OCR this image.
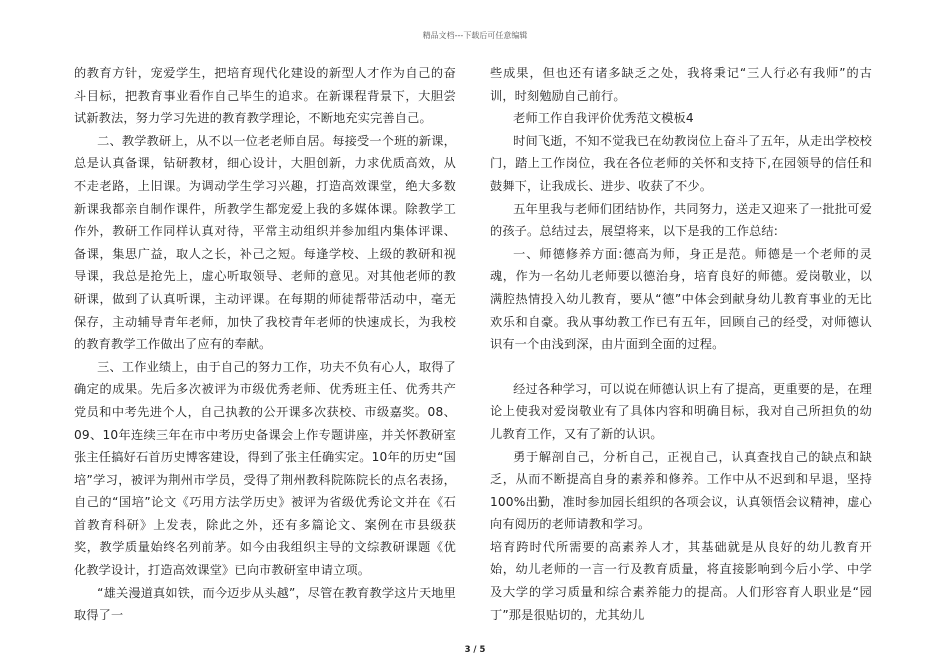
精品文档---下载后可任意编辑

的教育方针，宠爱学生，把培育现代化建设的新型人才作为自己的奋斗目标，把教育事业看作自己毕生的追求。在新课程背景下，大胆尝试新教法，努力学习先进的教育教学理论，不断地充实完善自己。

二、教学教研上，从不以一位老老师自居。每接受一个班的新课，总是认真备课，钻研教材，细心设计，大胆创新，力求优质高效，从不走老路，上旧课。为调动学生学习兴趣，打造高效课堂，绝大多数新课我都亲自制作课件，所教学生都宠爱上我的多媒体课。除教学工作外，教研工作同样认真对待，平常主动组织并参加组内集体评课、备课，集思广益，取人之长，补己之短。每逢学校、上级的教研和视导课，我总是抢先上，虚心听取领导、老师的意见。对其他老师的教研课，做到了认真听课，主动评课。在每期的师徒帮带活动中，毫无保存，主动辅导青年老师，加快了我校青年老师的快速成长，为我校的教育教学工作做出了应有的奉献。

三、工作业绩上，由于自己的努力工作，功夫不负有心人，取得了确定的成果。先后多次被评为市级优秀老师、优秀班主任、优秀共产党员和中考先进个人，自己执教的公开课多次获校、市级嘉奖。08、09、10年连续三年在市中考历史备课会上作专题讲座，并关怀教研室张主任搞好石首历史博客建设，得到了张主任确实定。10年的历史“国培”学习，被评为荆州市学员，受得了荆州教科院陈院长的点名表扬，自己的“国培”论文《巧用方法学历史》被评为省级优秀论文并在《石首教育科研》上发表，除此之外，还有多篇论文、案例在市县级获奖，教学质量始终名列前茅。如今由我组织主导的文综教研课题《优化教学设计，打造高效课堂》已向市教研室申请立项。

“雄关漫道真如铁，而今迈步从头越”，尽管在教育教学这片天地里取得了一

些成果，但也还有诸多缺乏之处，我将秉记“三人行必有我师”的古训，时刻勉励自己前行。

老师工作自我评价优秀范文模板4

时间飞逝，不知不觉我已在幼教岗位上奋斗了五年，从走出学校校门，踏上工作岗位，我在各位老师的关怀和支持下,在园领导的信任和鼓舞下，让我成长、进步、收获了不少。

五年里我与老师们团结协作，共同努力，送走又迎来了一批批可爱的孩子。总结过去，展望将来，以下是我的工作总结:

一、师德修养方面:德高为师，身正是范。师德是一个老师的灵魂，作为一名幼儿老师要以德治身，培育良好的师德。爱岗敬业，以满腔热情投入幼儿教育，要从“德”中体会到献身幼儿教育事业的无比欢乐和自豪。我从事幼教工作已有五年，回顾自己的经受，对师德认识有一个由浅到深，由片面到全面的过程。

经过各种学习，可以说在师德认识上有了提高，更重要的是，在理论上使我对爱岗敬业有了具体内容和明确目标，我对自己所担负的幼儿教育工作，又有了新的认识。

勇于解剖自己，分析自己，正视自己，认真查找自己的缺点和缺乏，从而不断提高自身的素养和修养。工作中从不迟到和早退，坚持100%出勤，准时参加园长组织的各项会议，认真领悟会议精神，虚心向有阅历的老师请教和学习。

培育跨时代所需要的高素养人才，其基础就是从良好的幼儿教育开始，幼儿老师的一言一行及教育质量，将直接影响到今后小学、中学及大学的学习质量和综合素养能力的提高。人们形容育人职业是“园丁”那是很贴切的，尤其幼儿

3 / 5
